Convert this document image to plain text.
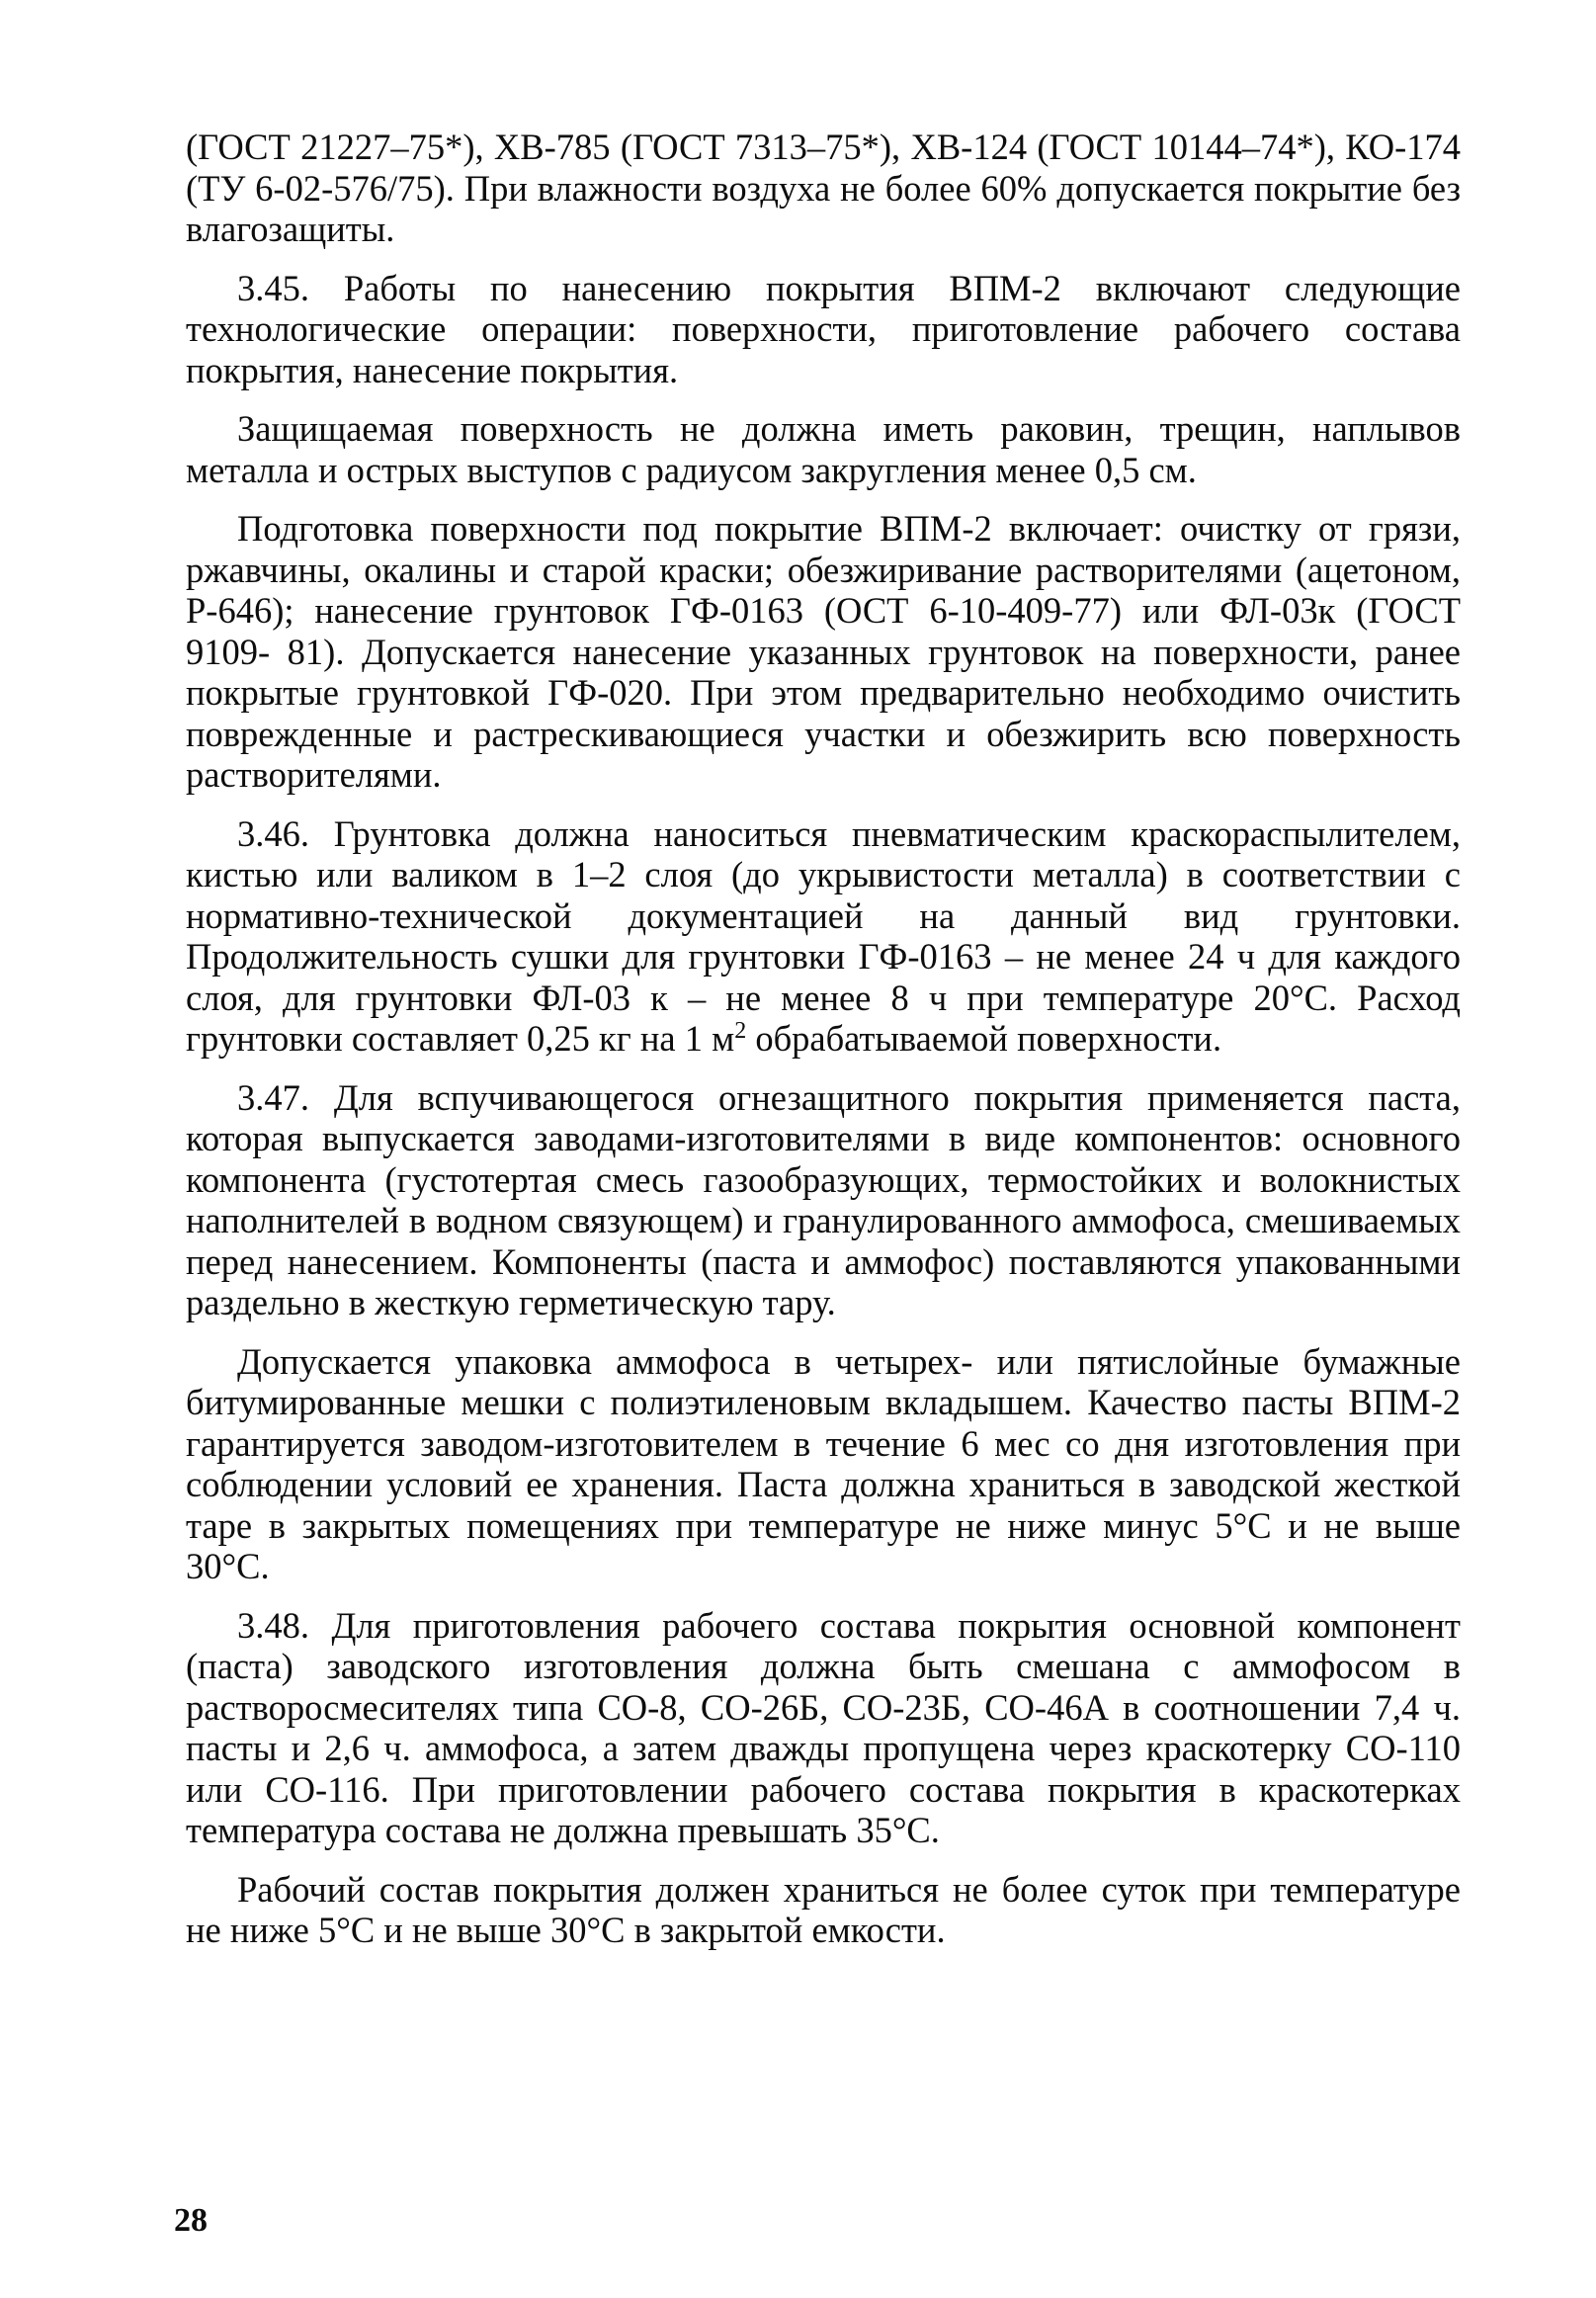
(ГОСТ 21227–75*), ХВ-785 (ГОСТ 7313–75*), ХВ-124 (ГОСТ 10144–74*), КО-174 (ТУ 6-02-576/75). При влажности воздуха не более 60% допускается покрытие без влагозащиты.

3.45. Работы по нанесению покрытия ВПМ-2 включают следующие технологические операции: поверхности, приготовление рабочего состава покрытия, нанесение покрытия.

Защищаемая поверхность не должна иметь раковин, трещин, наплывов металла и острых выступов с радиусом закругления менее 0,5 см.

Подготовка поверхности под покрытие ВПМ-2 включает: очистку от грязи, ржавчины, окалины и старой краски; обезжиривание растворителями (ацетоном, Р-646); нанесение грунтовок ГФ-0163 (ОСТ 6-10-409-77) или ФЛ-03к (ГОСТ 9109- 81). Допускается нанесение указанных грунтовок на поверхности, ранее покрытые грунтовкой ГФ-020. При этом предварительно необходимо очистить поврежденные и растрескивающиеся участки и обезжирить всю поверхность растворителями.

3.46. Грунтовка должна наноситься пневматическим краскораспылителем, кистью или валиком в 1–2 слоя (до укрывистости металла) в соответствии с нормативно-технической документацией на данный вид грунтовки. Продолжительность сушки для грунтовки ГФ-0163 – не менее 24 ч для каждого слоя, для грунтовки ФЛ-03 к – не менее 8 ч при температуре 20°С. Расход грунтовки составляет 0,25 кг на 1 $м^2$ обрабатываемой поверхности.

3.47. Для вспучивающегося огнезащитного покрытия применяется паста, которая выпускается заводами-изготовителями в виде компонентов: основного компонента (густотертая смесь газообразующих, термостойких и волокнистых наполнителей в водном связующем) и гранулированного аммофоса, смешиваемых перед нанесением. Компоненты (паста и аммофос) поставляются упакованными раздельно в жесткую герметическую тару.

Допускается упаковка аммофоса в четырех- или пятислойные бумажные битумированные мешки с полиэтиленовым вкладышем. Качество пасты ВПМ-2 гарантируется заводом-изготовителем в течение 6 мес со дня изготовления при соблюдении условий ее хранения. Паста должна храниться в заводской жесткой таре в закрытых помещениях при температуре не ниже минус 5°С и не выше 30°С.

3.48. Для приготовления рабочего состава покрытия основной компонент (паста) заводского изготовления должна быть смешана с аммофосом в растворосмесителях типа СО-8, СО-26Б, СО-23Б, СО-46А в соотношении 7,4 ч. пасты и 2,6 ч. аммофоса, а затем дважды пропущена через краскотерку СО-110 или СО-116. При приготовлении рабочего состава покрытия в краскотерках температура состава не должна превышать 35°С.

Рабочий состав покрытия должен храниться не более суток при температуре не ниже 5°С и не выше 30°С в закрытой емкости.

28
